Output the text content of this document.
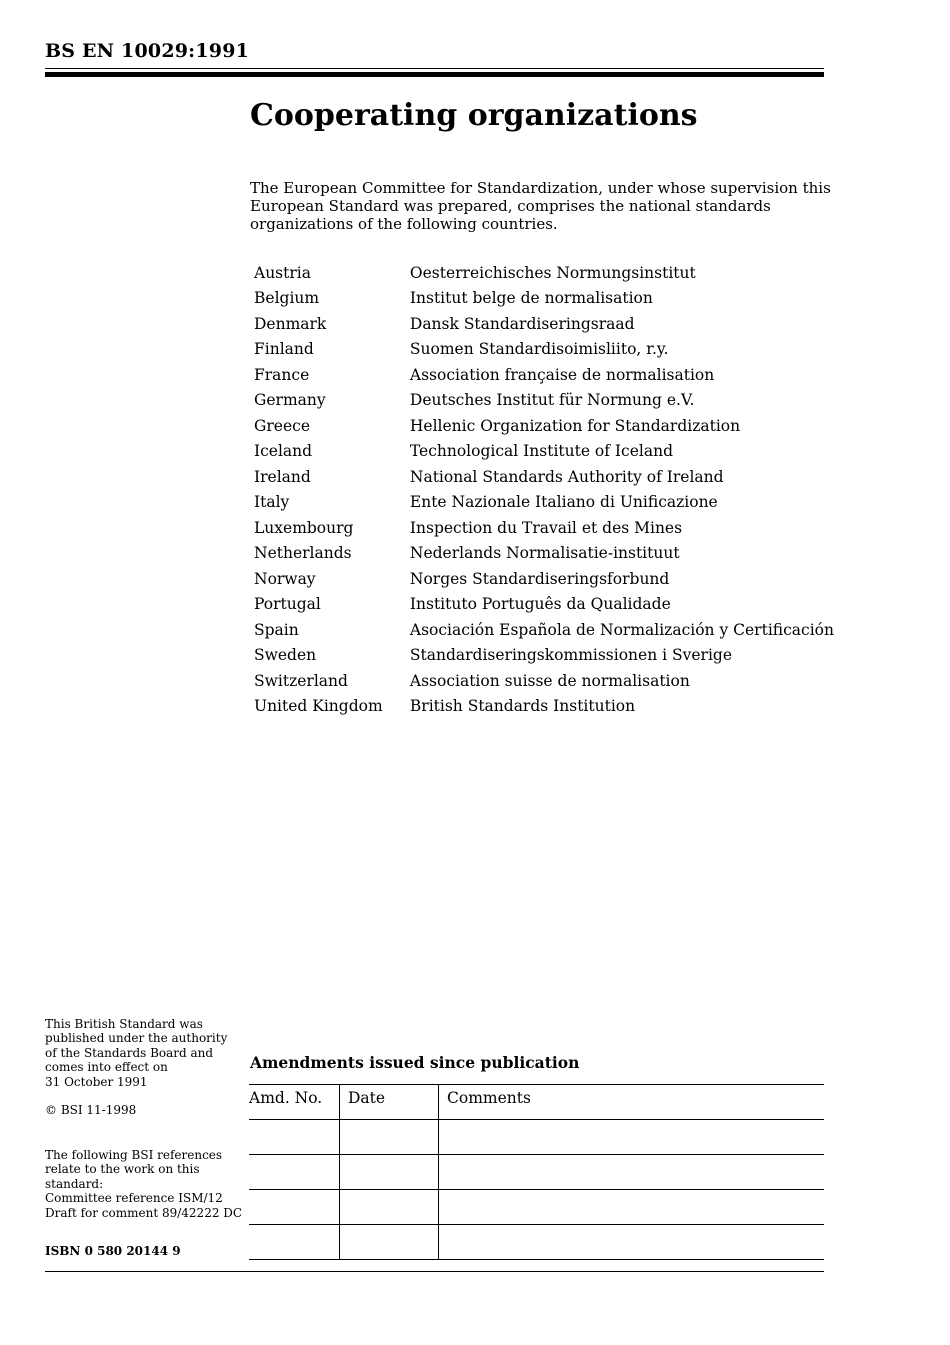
BS EN 10029:1991
Cooperating organizations

The European Committee for Standardization, under whose supervision this European Standard was prepared, comprises the national standards organizations of the following countries.

Austria	Oesterreichisches Normungsinstitut
Belgium	Institut belge de normalisation
Denmark	Dansk Standardiseringsraad
Finland	Suomen Standardisoimisliito, r.y.
France	Association française de normalisation
Germany	Deutsches Institut für Normung e.V.
Greece	Hellenic Organization for Standardization
Iceland	Technological Institute of Iceland
Ireland	National Standards Authority of Ireland
Italy	Ente Nazionale Italiano di Unificazione
Luxembourg	Inspection du Travail et des Mines
Netherlands	Nederlands Normalisatie-instituut
Norway	Norges Standardiseringsforbund
Portugal	Instituto Português da Qualidade
Spain	Asociación Española de Normalización y Certificación
Sweden	Standardiseringskommissionen i Sverige
Switzerland	Association suisse de normalisation
United Kingdom	British Standards Institution

This British Standard was

published under the authority

of the Standards Board and

comes into effect on

31 October 1991

© BSI 11-1998

The following BSI references

relate to the work on this

standard:

Committee reference ISM/12

Draft for comment 89/42222 DC

ISBN 0 580 20144 9
Amendments issued since publication
Amd. No.	Date	Comments
